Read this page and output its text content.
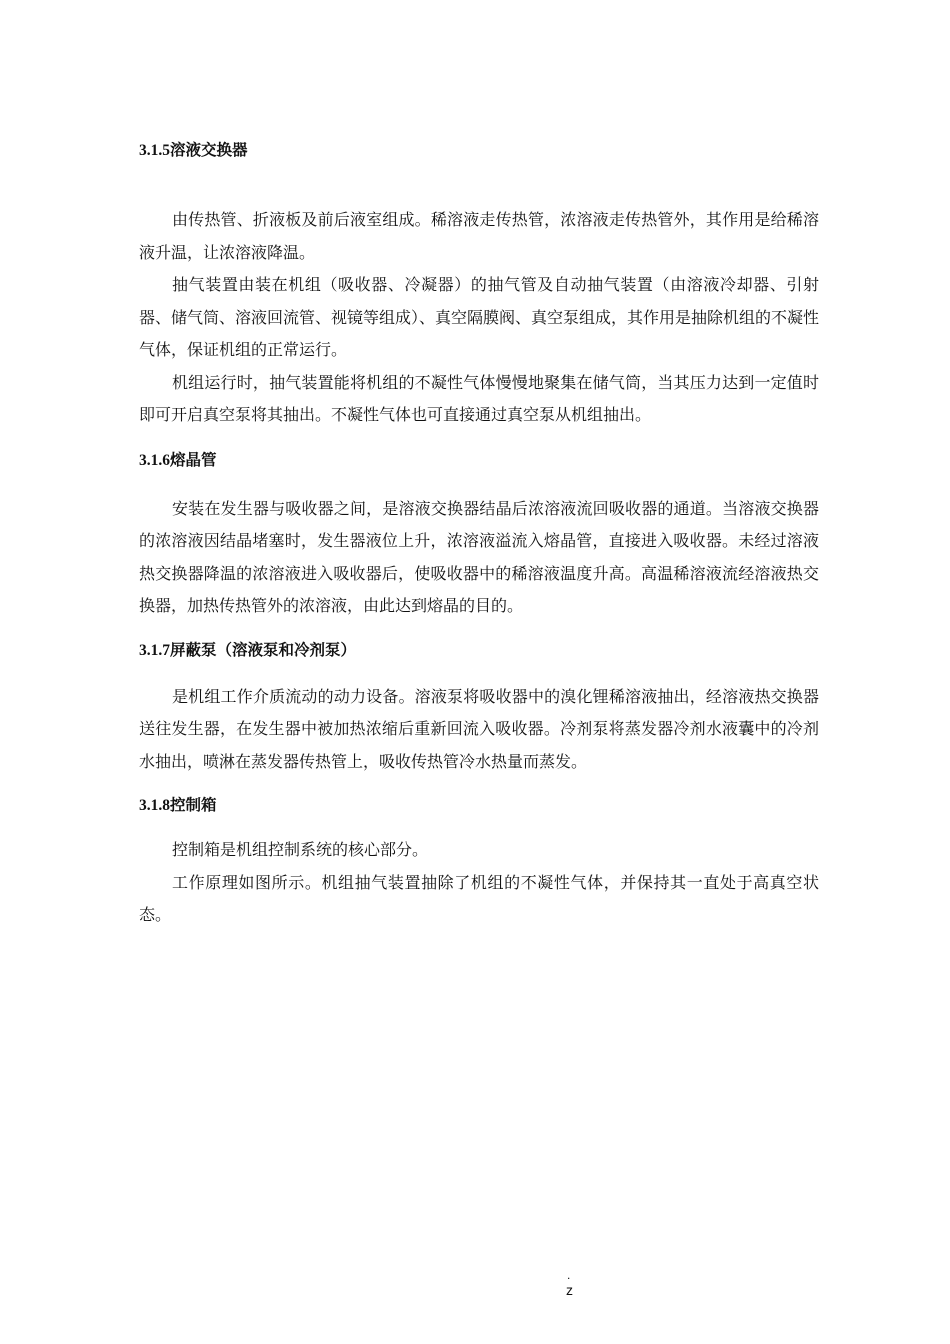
3.1.5溶液交换器

由传热管、折液板及前后液室组成。稀溶液走传热管，浓溶液走传热管外，其作用是给稀溶液升温，让浓溶液降温。

抽气装置由装在机组（吸收器、冷凝器）的抽气管及自动抽气装置（由溶液冷却器、引射器、储气筒、溶液回流管、视镜等组成）、真空隔膜阀、真空泵组成，其作用是抽除机组的不凝性气体，保证机组的正常运行。

机组运行时，抽气装置能将机组的不凝性气体慢慢地聚集在储气筒，当其压力达到一定值时即可开启真空泵将其抽出。不凝性气体也可直接通过真空泵从机组抽出。

3.1.6熔晶管

安装在发生器与吸收器之间，是溶液交换器结晶后浓溶液流回吸收器的通道。当溶液交换器的浓溶液因结晶堵塞时，发生器液位上升，浓溶液溢流入熔晶管，直接进入吸收器。未经过溶液热交换器降温的浓溶液进入吸收器后，使吸收器中的稀溶液温度升高。高温稀溶液流经溶液热交换器，加热传热管外的浓溶液，由此达到熔晶的目的。

3.1.7屏蔽泵（溶液泵和冷剂泵）

是机组工作介质流动的动力设备。溶液泵将吸收器中的溴化锂稀溶液抽出，经溶液热交换器送往发生器，在发生器中被加热浓缩后重新回流入吸收器。冷剂泵将蒸发器冷剂水液囊中的冷剂水抽出，喷淋在蒸发器传热管上，吸收传热管冷水热量而蒸发。

3.1.8控制箱

控制箱是机组控制系统的核心部分。

工作原理如图所示。机组抽气装置抽除了机组的不凝性气体，并保持其一直处于高真空状态。

.
z
